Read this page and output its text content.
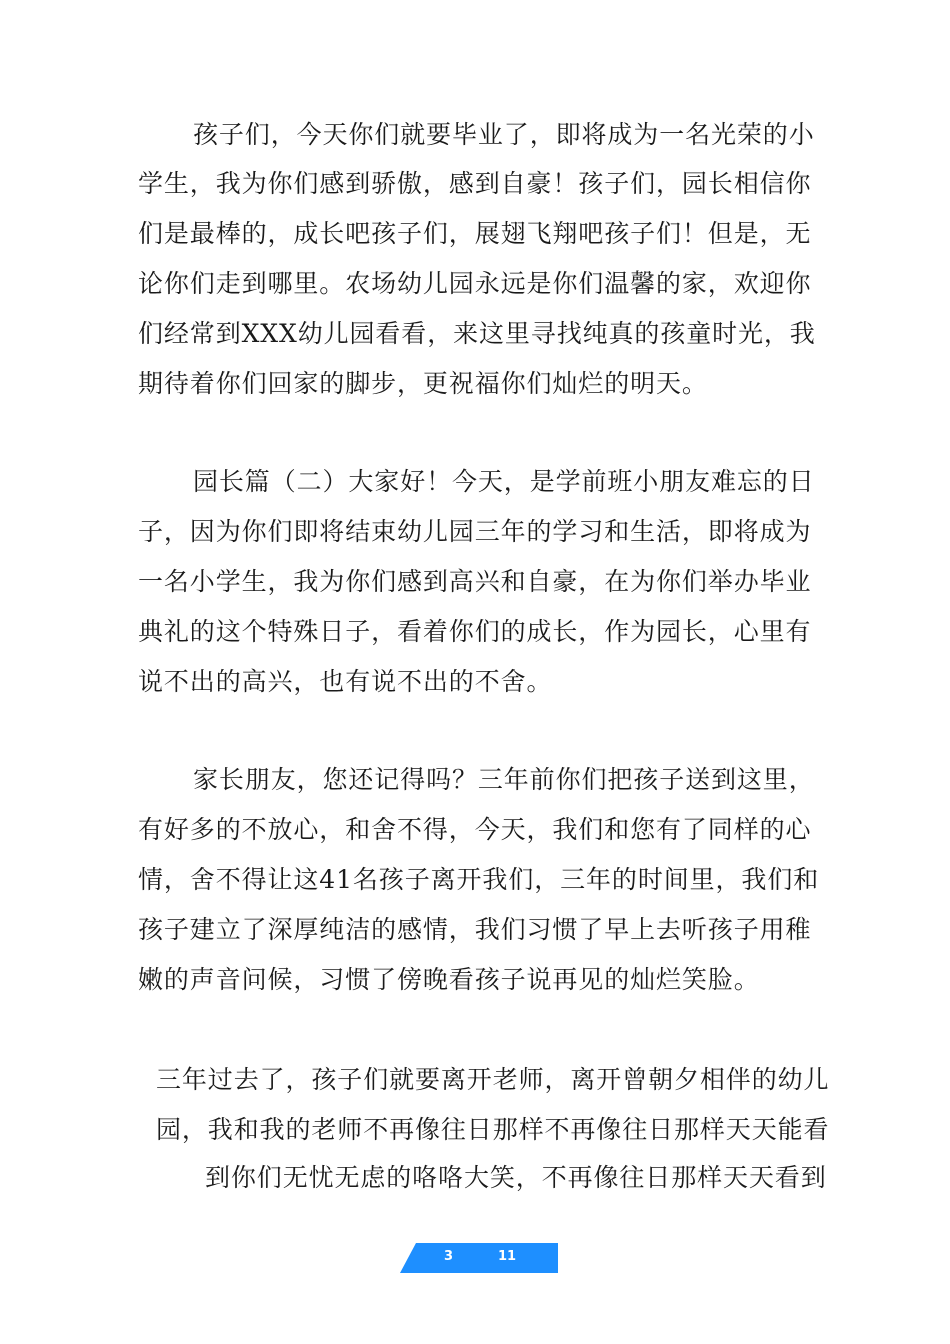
孩子们，今天你们就要毕业了，即将成为一名光荣的小
学生，我为你们感到骄傲，感到自豪！孩子们，园长相信你
们是最棒的，成长吧孩子们，展翅飞翔吧孩子们！但是，无
论你们走到哪里。农场幼儿园永远是你们温馨的家，欢迎你
们经常到XXX幼儿园看看，来这里寻找纯真的孩童时光，我
期待着你们回家的脚步，更祝福你们灿烂的明天。
园长篇（二）大家好！今天，是学前班小朋友难忘的日
子，因为你们即将结束幼儿园三年的学习和生活，即将成为
一名小学生，我为你们感到高兴和自豪，在为你们举办毕业
典礼的这个特殊日子，看着你们的成长，作为园长，心里有
说不出的高兴，也有说不出的不舍。
家长朋友，您还记得吗？三年前你们把孩子送到这里，
有好多的不放心，和舍不得，今天，我们和您有了同样的心
情，舍不得让这41名孩子离开我们，三年的时间里，我们和
孩子建立了深厚纯洁的感情，我们习惯了早上去听孩子用稚
嫩的声音问候，习惯了傍晚看孩子说再见的灿烂笑脸。
三年过去了，孩子们就要离开老师，离开曾朝夕相伴的幼儿
园，我和我的老师不再像往日那样不再像往日那样天天能看
到你们无忧无虑的咯咯大笑，不再像往日那样天天看到
3	11
